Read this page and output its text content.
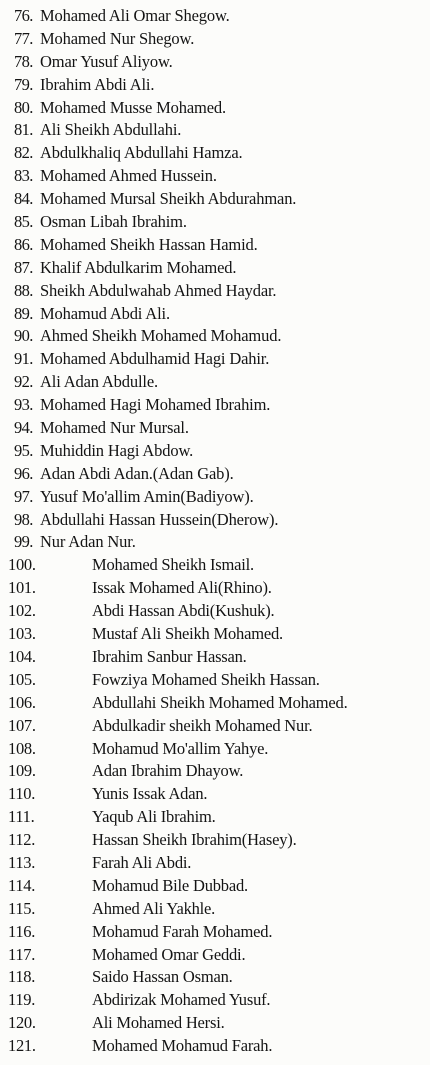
76. Mohamed Ali Omar Shegow.
77. Mohamed Nur Shegow.
78. Omar Yusuf Aliyow.
79. Ibrahim Abdi Ali.
80. Mohamed Musse Mohamed.
81. Ali Sheikh Abdullahi.
82. Abdulkhaliq Abdullahi Hamza.
83. Mohamed Ahmed Hussein.
84. Mohamed Mursal Sheikh Abdurahman.
85. Osman Libah Ibrahim.
86. Mohamed Sheikh Hassan Hamid.
87. Khalif Abdulkarim Mohamed.
88. Sheikh Abdulwahab Ahmed Haydar.
89. Mohamud Abdi Ali.
90. Ahmed Sheikh Mohamed Mohamud.
91. Mohamed Abdulhamid Hagi Dahir.
92. Ali Adan Abdulle.
93. Mohamed Hagi Mohamed Ibrahim.
94. Mohamed Nur Mursal.
95. Muhiddin Hagi Abdow.
96. Adan Abdi Adan.(Adan Gab).
97. Yusuf Mo'allim Amin(Badiyow).
98. Abdullahi Hassan Hussein(Dherow).
99. Nur Adan Nur.
100.	Mohamed Sheikh Ismail.
101.	Issak Mohamed Ali(Rhino).
102.	Abdi Hassan Abdi(Kushuk).
103.	Mustaf Ali Sheikh Mohamed.
104.	Ibrahim Sanbur Hassan.
105.	Fowziya Mohamed Sheikh Hassan.
106.	Abdullahi Sheikh Mohamed Mohamed.
107.	Abdulkadir sheikh Mohamed Nur.
108.	Mohamud Mo'allim Yahye.
109.	Adan Ibrahim Dhayow.
110.	Yunis Issak Adan.
111.	Yaqub Ali Ibrahim.
112.	Hassan Sheikh Ibrahim(Hasey).
113.	Farah Ali Abdi.
114.	Mohamud Bile Dubbad.
115.	Ahmed Ali Yakhle.
116.	Mohamud Farah Mohamed.
117.	Mohamed Omar Geddi.
118.	Saido Hassan Osman.
119.	Abdirizak Mohamed Yusuf.
120.	Ali Mohamed Hersi.
121.	Mohamed Mohamud Farah.
